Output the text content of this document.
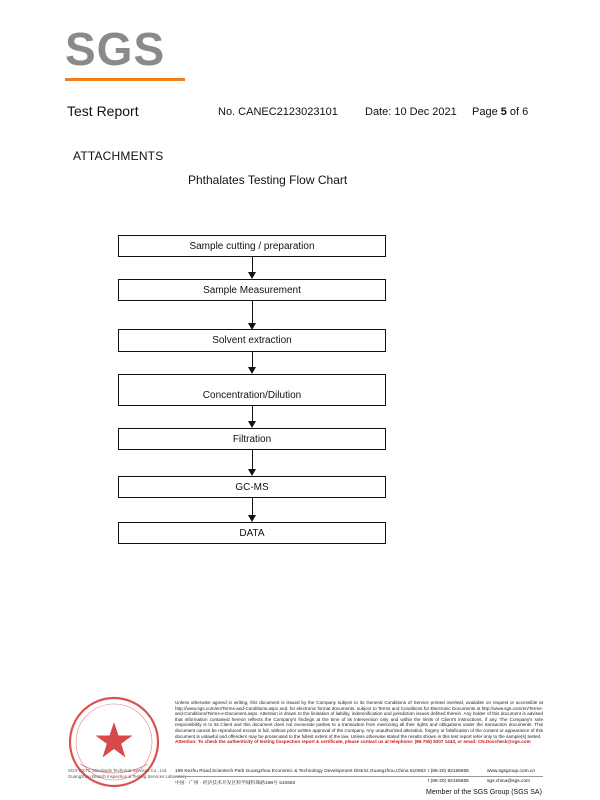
SGS
Test Report	No. CANEC2123023101 Date: 10 Dec 2021 Page 5 of 6
ATTACHMENTS
Phthalates Testing Flow Chart
Sample cutting / preparation
Sample Measurement
Solvent extraction
Concentration/Dilution
Filtration
GC-MS
DATA
Unless otherwise agreed in writing, this document is issued by the Company subject to its General Conditions of Service printed overleaf, available on request or accessible at http://www.sgs.com/en/Terms-and-Conditions.aspx and, for electronic format documents, subject to Terms and Conditions for Electronic Documents at http://www.sgs.com/en/Terms-and-Conditions/Terms-e-Document.aspx. Attention is drawn to the limitation of liability, indemnification and jurisdiction issues defined therein. Any holder of this document is advised that information contained hereon reflects the Company's findings at the time of its intervention only and within the limits of Client's instructions, if any. The Company's sole responsibility is to its Client and this document does not exonerate parties to a transaction from exercising all their rights and obligations under the transaction documents. This document cannot be reproduced except in full, without prior written approval of the Company. Any unauthorized alteration, forgery or falsification of the content or appearance of this document is unlawful and offenders may be prosecuted to the fullest extent of the law. Unless otherwise stated the results shown in this test report refer only to the sample(s) tested.
Attention: To check the authenticity of testing /inspection report & certificate, please contact us at telephone: (86-755) 8307 1443, or email: CN.Doccheck@sgs.com
SGS-CSTC Standards Technical Services Co., Ltd.
Guangzhou Branch Inspection & Testing Services Laboratory
198 Kezhu Road,Scientech Park Guangzhou Economic & Technology Development District,Guangzhou,China 510663
中国 · 广州 · 经济技术开发区科学城科珠路198号 510663
t (86-20) 82155555
t (86-20) 82155555
www.sgsgroup.com.cn
sgs.china@sgs.com
Member of the SGS Group (SGS SA)
